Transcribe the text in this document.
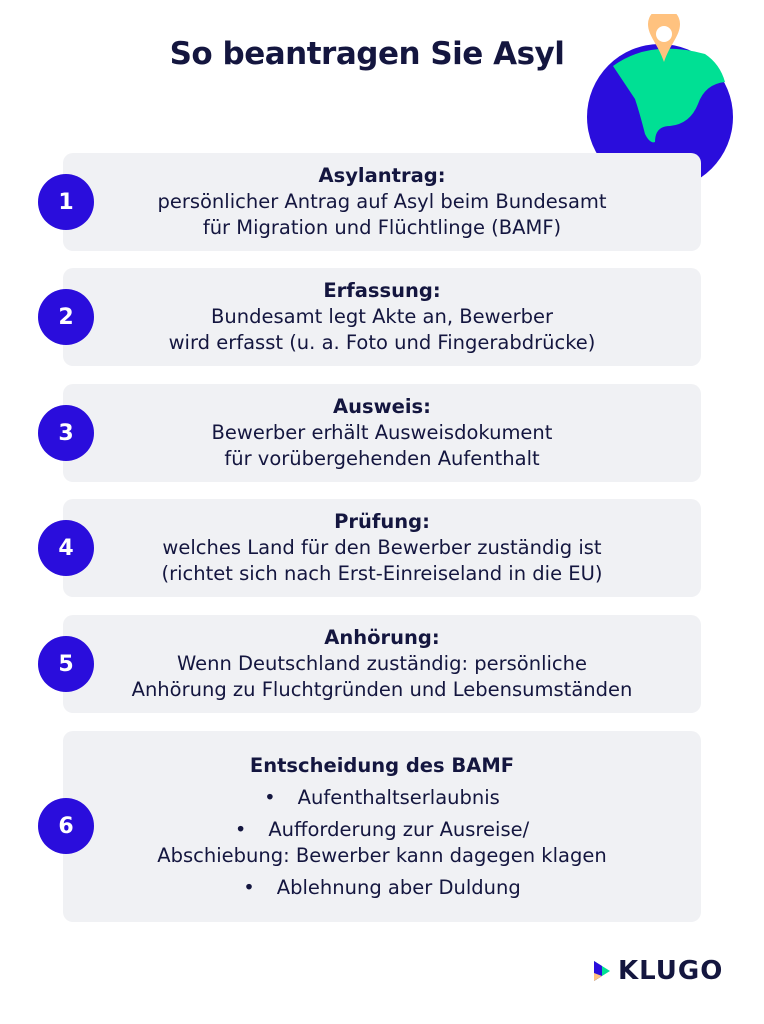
So beantragen Sie Asyl
1
Asylantrag:
persönlicher Antrag auf Asyl beim Bundesamt
für Migration und Flüchtlinge (BAMF)
2
Erfassung:
Bundesamt legt Akte an, Bewerber
wird erfasst (u. a. Foto und Fingerabdrücke)
3
Ausweis:
Bewerber erhält Ausweisdokument
für vorübergehenden Aufenthalt
4
Prüfung:
welches Land für den Bewerber zuständig ist
(richtet sich nach Erst-Einreiseland in die EU)
5
Anhörung:
Wenn Deutschland zuständig: persönliche
Anhörung zu Fluchtgründen und Lebensumständen
6
Entscheidung des BAMF
• Aufenthaltserlaubnis
• Aufforderung zur Ausreise/
Abschiebung: Bewerber kann dagegen klagen
• Ablehnung aber Duldung
KLUGO
